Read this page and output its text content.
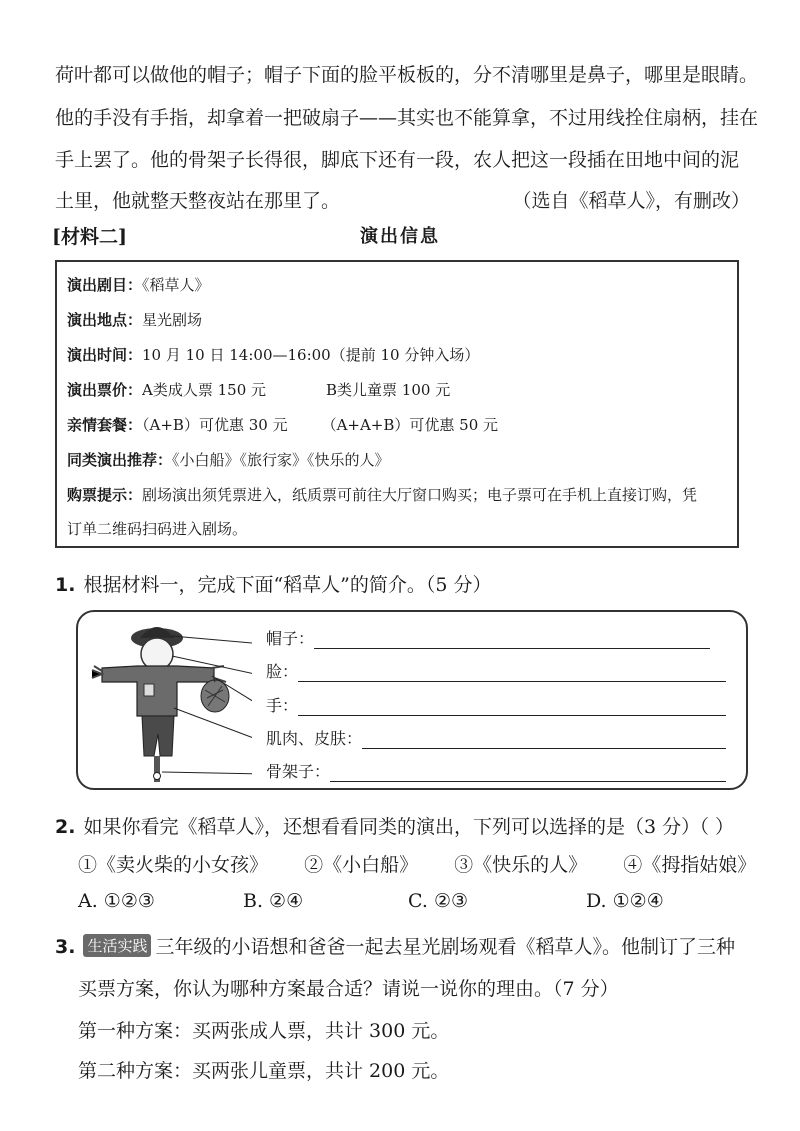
荷叶都可以做他的帽子；帽子下面的脸平板板的，分不清哪里是鼻子，哪里是眼睛。
他的手没有手指，却拿着一把破扇子——其实也不能算拿，不过用线拴住扇柄，挂在
手上罢了。他的骨架子长得很，脚底下还有一段，农人把这一段插在田地中间的泥
土里，他就整天整夜站在那里了。	（选自《稻草人》，有删改）
[材料二]	演出信息
演出剧目：《稻草人》
演出地点：星光剧场
演出时间：10 月 10 日 14:00—16:00（提前 10 分钟入场）
演出票价：A类成人票 150 元	B类儿童票 100 元
亲情套餐：（A+B）可优惠 30 元 （A+A+B）可优惠 50 元
同类演出推荐：《小白船》《旅行家》《快乐的人》
购票提示：剧场演出须凭票进入，纸质票可前往大厅窗口购买；电子票可在手机上直接订购，凭
订单二维码扫码进入剧场。
1. 根据材料一，完成下面“稻草人”的简介。（5 分）
帽子：
脸：
手：
肌肉、皮肤：
骨架子：
2. 如果你看完《稻草人》，还想看看同类的演出，下列可以选择的是（3 分）
（ ）
①《卖火柴的小女孩》 ②《小白船》 ③《快乐的人》 ④《拇指姑娘》
A. ①②③	B. ②④	C. ②③	D. ①②④
3. 生活实践 三年级的小语想和爸爸一起去星光剧场观看《稻草人》。他制订了三种
买票方案，你认为哪种方案最合适？请说一说你的理由。（7 分）
第一种方案：买两张成人票，共计 300 元。
第二种方案：买两张儿童票，共计 200 元。
